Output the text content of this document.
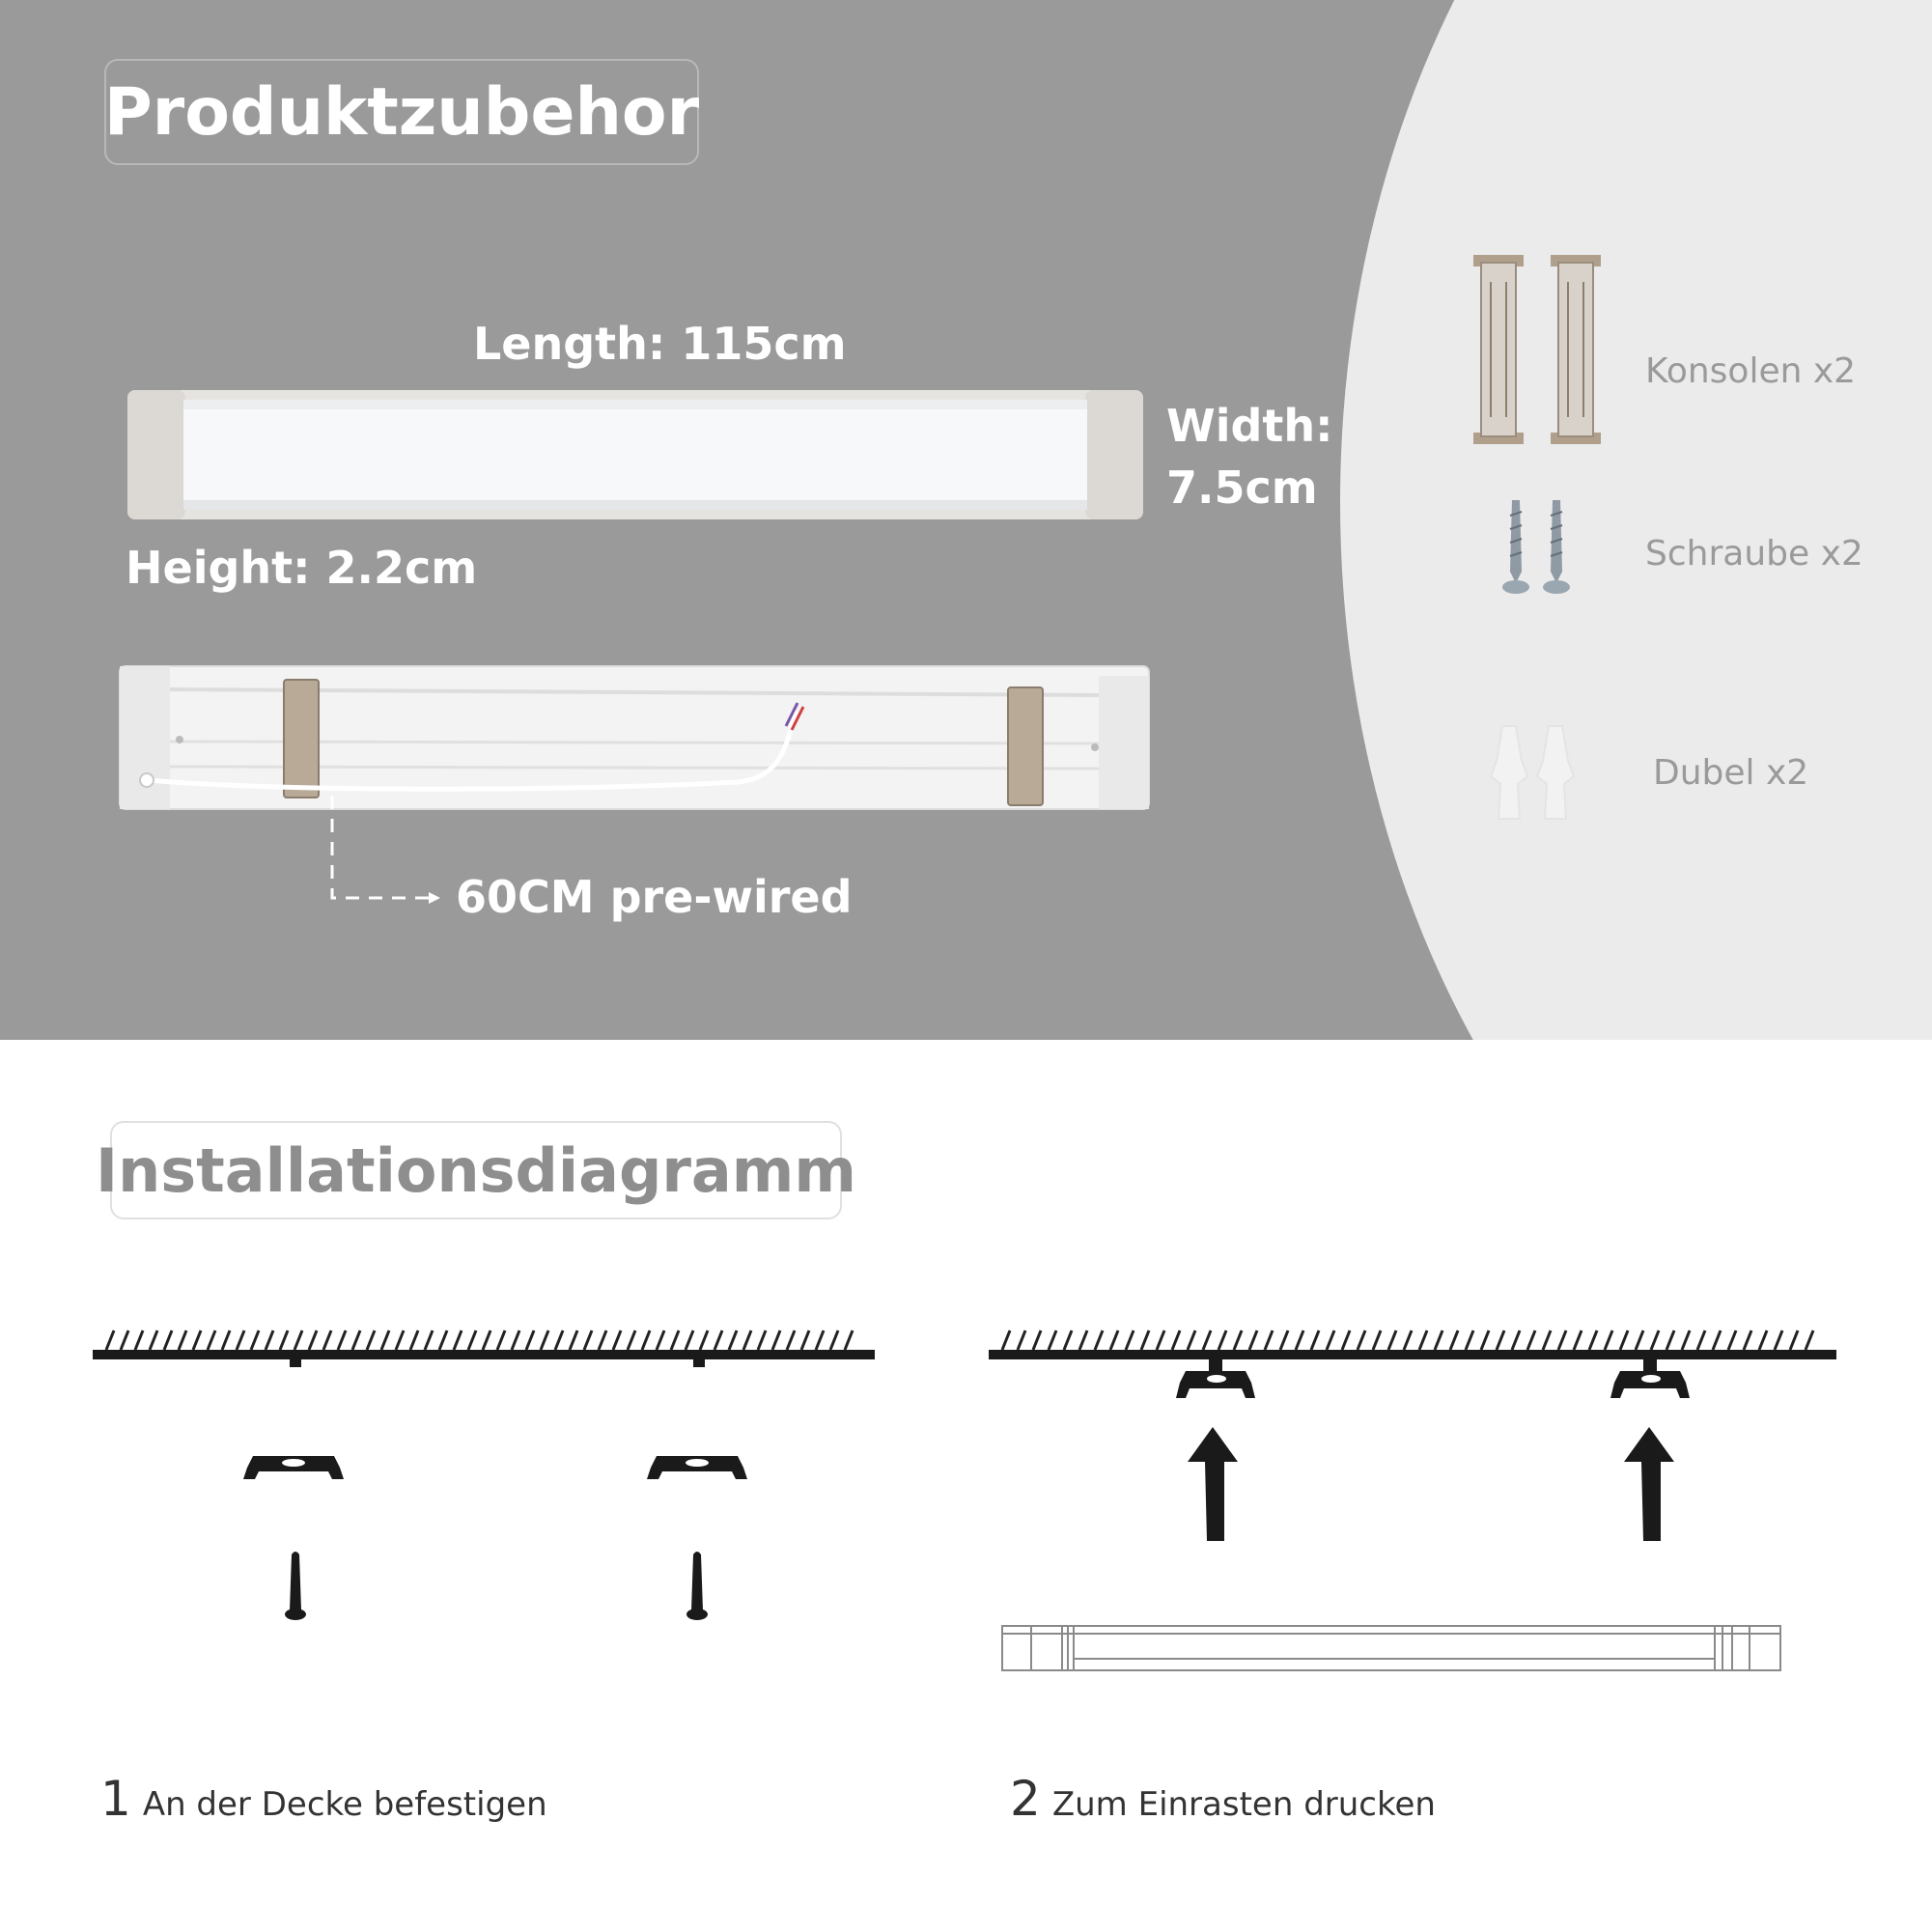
Produktzubehor
Length: 115cm
Width:
7.5cm
Height: 2.2cm
60CM pre-wired
Konsolen x2
Schraube x2
Dubel x2
Installationsdiagramm
1 An der Decke befestigen	2 Zum Einrasten drucken
